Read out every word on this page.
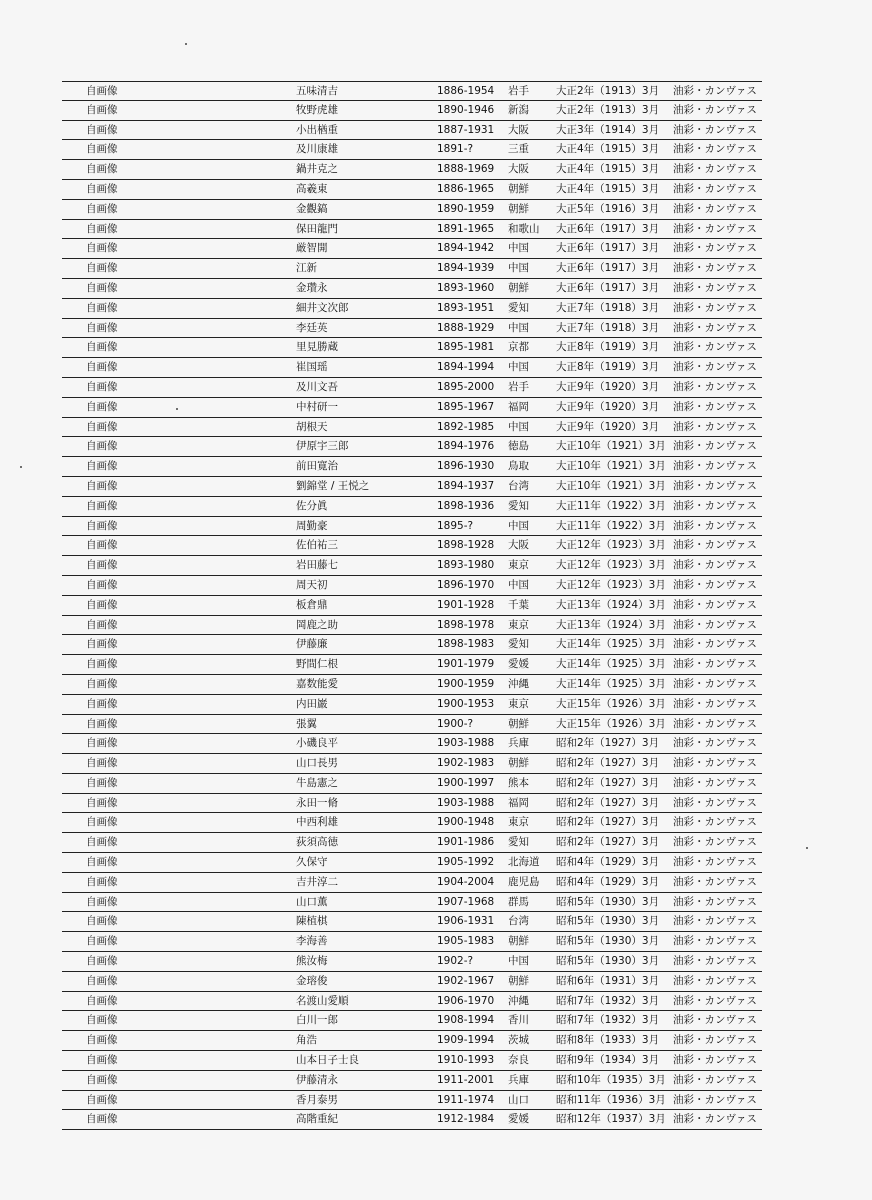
自画像	五味清吉	1886-1954 岩手	大正2年（1913）3月 油彩・カンヴァス
自画像	牧野虎雄	1890-1946 新潟	大正2年（1913）3月 油彩・カンヴァス
自画像	小出楢重	1887-1931 大阪	大正3年（1914）3月 油彩・カンヴァス
自画像	及川康雄	1891-?	三重	大正4年（1915）3月 油彩・カンヴァス
自画像	鍋井克之	1888-1969 大阪	大正4年（1915）3月 油彩・カンヴァス
自画像	高羲東	1886-1965 朝鮮	大正4年（1915）3月 油彩・カンヴァス
自画像	金觀鎬	1890-1959 朝鮮	大正5年（1916）3月 油彩・カンヴァス
自画像	保田龍門	1891-1965 和歌山 大正6年（1917）3月 油彩・カンヴァス
自画像	厳智開	1894-1942 中国	大正6年（1917）3月 油彩・カンヴァス
自画像	江新	1894-1939 中国	大正6年（1917）3月 油彩・カンヴァス
自画像	金瓚永	1893-1960 朝鮮	大正6年（1917）3月 油彩・カンヴァス
自画像	細井文次郎	1893-1951 愛知	大正7年（1918）3月 油彩・カンヴァス
自画像	李廷英	1888-1929 中国	大正7年（1918）3月 油彩・カンヴァス
自画像	里見勝蔵	1895-1981 京都	大正8年（1919）3月 油彩・カンヴァス
自画像	崔国瑶	1894-1994 中国	大正8年（1919）3月 油彩・カンヴァス
自画像	及川文吾	1895-2000 岩手	大正9年（1920）3月 油彩・カンヴァス
自画像	中村研一	1895-1967 福岡	大正9年（1920）3月 油彩・カンヴァス
自画像	胡根天	1892-1985 中国	大正9年（1920）3月 油彩・カンヴァス
自画像	伊原宇三郎	1894-1976 徳島	大正10年（1921）3月 油彩・カンヴァス
自画像	前田寛治	1896-1930 鳥取	大正10年（1921）3月 油彩・カンヴァス
自画像	劉錦堂 / 王悦之	1894-1937 台湾	大正10年（1921）3月 油彩・カンヴァス
自画像	佐分眞	1898-1936 愛知	大正11年（1922）3月 油彩・カンヴァス
自画像	周勤豪	1895-?	中国	大正11年（1922）3月 油彩・カンヴァス
自画像	佐伯祐三	1898-1928 大阪	大正12年（1923）3月 油彩・カンヴァス
自画像	岩田藤七	1893-1980 東京	大正12年（1923）3月 油彩・カンヴァス
自画像	周天初	1896-1970 中国	大正12年（1923）3月 油彩・カンヴァス
自画像	板倉鼎	1901-1928 千葉	大正13年（1924）3月 油彩・カンヴァス
自画像	岡鹿之助	1898-1978 東京	大正13年（1924）3月 油彩・カンヴァス
自画像	伊藤廉	1898-1983 愛知	大正14年（1925）3月 油彩・カンヴァス
自画像	野間仁根	1901-1979 愛媛	大正14年（1925）3月 油彩・カンヴァス
自画像	嘉数能愛	1900-1959 沖縄	大正14年（1925）3月 油彩・カンヴァス
自画像	内田巌	1900-1953 東京	大正15年（1926）3月 油彩・カンヴァス
自画像	張翼	1900-?	朝鮮	大正15年（1926）3月 油彩・カンヴァス
自画像	小磯良平	1903-1988 兵庫	昭和2年（1927）3月 油彩・カンヴァス
自画像	山口長男	1902-1983 朝鮮	昭和2年（1927）3月 油彩・カンヴァス
自画像	牛島憲之	1900-1997 熊本	昭和2年（1927）3月 油彩・カンヴァス
自画像	永田一脩	1903-1988 福岡	昭和2年（1927）3月 油彩・カンヴァス
自画像	中西利雄	1900-1948 東京	昭和2年（1927）3月 油彩・カンヴァス
自画像	荻須高徳	1901-1986 愛知	昭和2年（1927）3月 油彩・カンヴァス
自画像	久保守	1905-1992 北海道 昭和4年（1929）3月 油彩・カンヴァス
自画像	吉井淳二	1904-2004 鹿児島 昭和4年（1929）3月 油彩・カンヴァス
自画像	山口薫	1907-1968 群馬	昭和5年（1930）3月 油彩・カンヴァス
自画像	陳植棋	1906-1931 台湾	昭和5年（1930）3月 油彩・カンヴァス
自画像	李海善	1905-1983 朝鮮	昭和5年（1930）3月 油彩・カンヴァス
自画像	熊汝梅	1902-?	中国	昭和5年（1930）3月 油彩・カンヴァス
自画像	金瑢俊	1902-1967 朝鮮	昭和6年（1931）3月 油彩・カンヴァス
自画像	名渡山愛順	1906-1970 沖縄	昭和7年（1932）3月 油彩・カンヴァス
自画像	白川一郎	1908-1994 香川	昭和7年（1932）3月 油彩・カンヴァス
自画像	角浩	1909-1994 茨城	昭和8年（1933）3月 油彩・カンヴァス
自画像	山本日子士良	1910-1993 奈良	昭和9年（1934）3月 油彩・カンヴァス
自画像	伊藤清永	1911-2001 兵庫	昭和10年（1935）3月 油彩・カンヴァス
自画像	香月泰男	1911-1974 山口	昭和11年（1936）3月 油彩・カンヴァス
自画像	高階重紀	1912-1984 愛媛	昭和12年（1937）3月 油彩・カンヴァス
